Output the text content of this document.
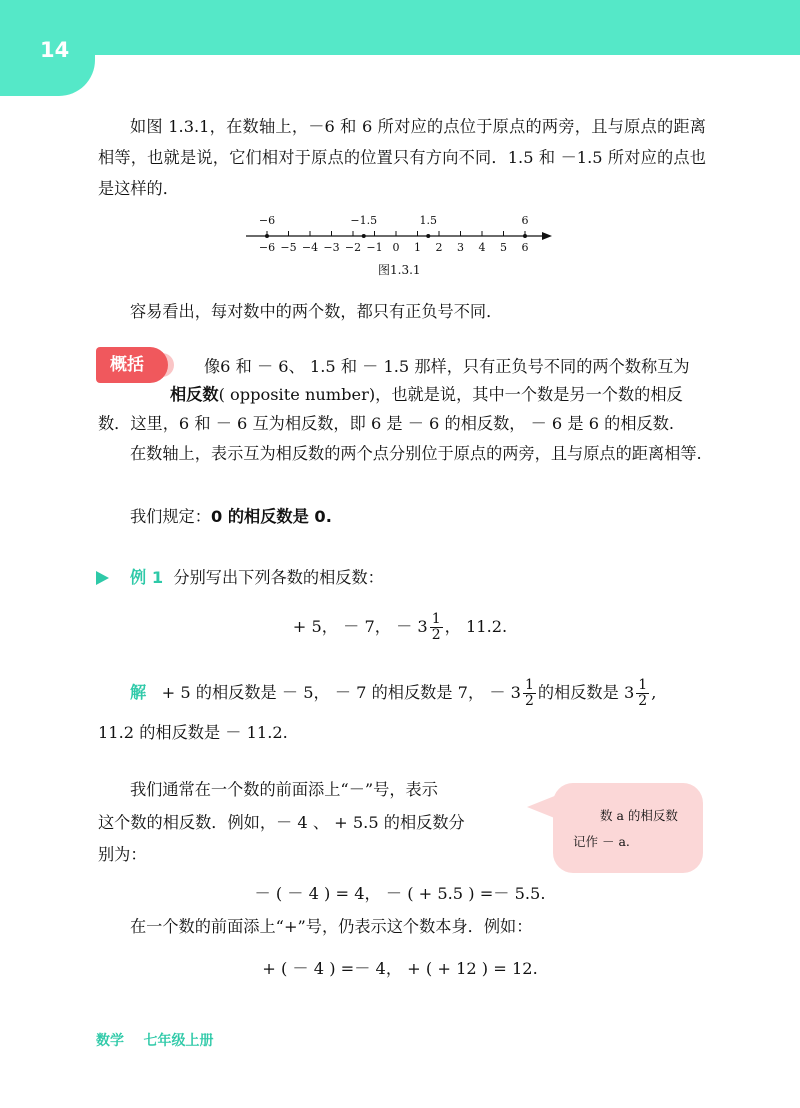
14

如图 1.3.1，在数轴上，－6 和 6 所对应的点位于原点的两旁，且与原点的距离相等，也就是说，它们相对于原点的位置只有方向不同．1.5 和 －1.5 所对应的点也是这样的．

−6 −5 −4 −3 −2 −1 0 1 2 3 4 5 6
−6	−1.5	1.5	6
图1.3.1

容易看出，每对数中的两个数，都只有正负号不同．

概括	像6 和 － 6、 1.5 和 － 1.5 那样，只有正负号不同的两个数称互为
相反数( opposite number)，也就是说，其中一个数是另一个数的相反
数．这里，6 和 － 6 互为相反数，即 6 是 － 6 的相反数， － 6 是 6 的相反数.

在数轴上，表示互为相反数的两个点分别位于原点的两旁，且与原点的距离相等.

我们规定：0 的相反数是 0.
例 1 分别写出下列各数的相反数：
+ 5， － 7， － $3 \frac{1}{2}$ ， 11.2.
解 + 5 的相反数是 － 5， － 7 的相反数是 7， － $3 \frac{1}{2}$ 的相反数是 $3 \frac{1}{2}$ ,
11.2 的相反数是 － 11.2.
我们通常在一个数的前面添上“－”号，表示
这个数的相反数．例如，－ 4 、 + 5.5 的相反数分
别为：
－ ( － 4 ) = 4， － ( + 5.5 ) =－ 5.5.
在一个数的前面添上“+”号，仍表示这个数本身．例如：
+ ( － 4 ) =－ 4， + ( + 12 ) = 12.
数 a 的相反数
记作 － a.
数学    七年级上册
